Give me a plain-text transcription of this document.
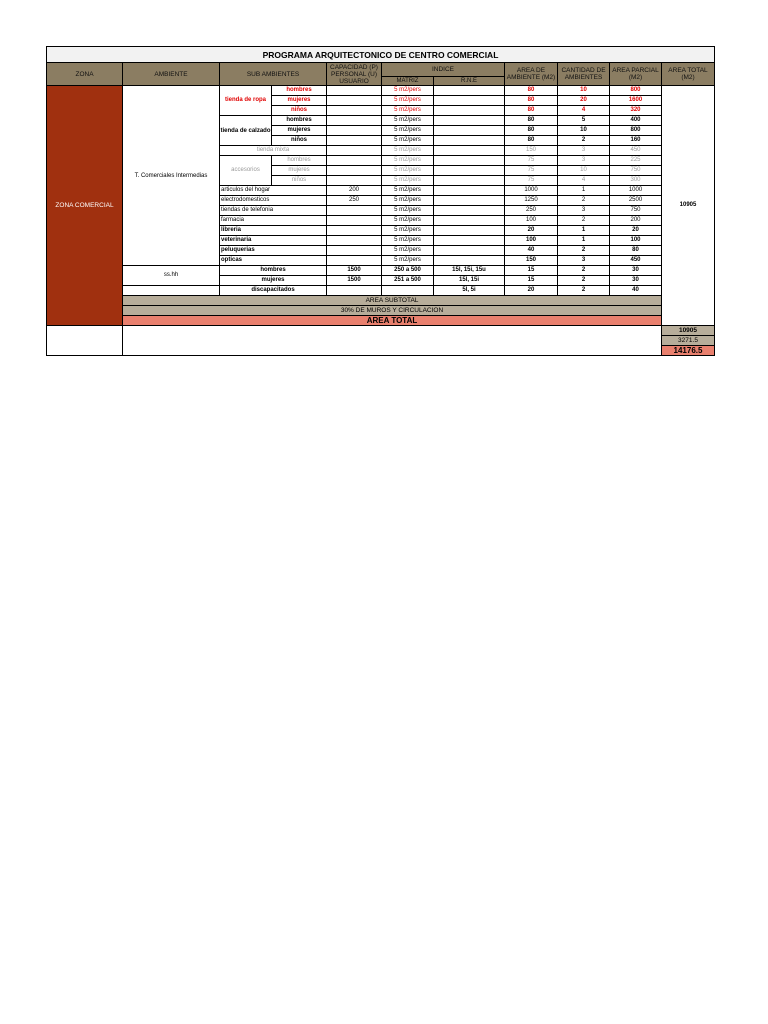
PROGRAMA ARQUITECTONICO DE CENTRO COMERCIAL										
ZONA	AMBIENTE	SUB AMBIENTES		CAPACIDAD (P) PERSONAL (U) USUARIO	INDICE		AREA DE AMBIENTE (M2)	CANTIDAD DE AMBIENTES	AREA PARCIAL (M2)	AREA TOTAL (M2)
					MATRIZ	R.N.E				
ZONA COMERCIAL	T. Comerciales Intermedias	tienda de ropa	hombres		5 m2/pers		80	10	800	10905
			mujeres		5 m2/pers		80	20	1600	
			niños		5 m2/pers		80	4	320	
		tienda de calzado	hombres		5 m2/pers		80	5	400	
			mujeres		5 m2/pers		80	10	800	
			niños		5 m2/pers		80	2	160	
		tienda mixta			5 m2/pers		150	3	450	
		accesorios	hombres		5 m2/pers		75	3	225	
			mujeres		5 m2/pers		75	10	750	
			niños		5 m2/pers		75	4	300	
		articulos del hogar		200	5 m2/pers		1000	1	1000	
		electrodomesticos		250	5 m2/pers		1250	2	2500	
		tiendas de telefonia			5 m2/pers		250	3	750	
		farmacia			5 m2/pers		100	2	200	
		libreria			5 m2/pers		20	1	20	
		veterinaria			5 m2/pers		100	1	100	
		peluquerias			5 m2/pers		40	2	80	
		opticas			5 m2/pers		150	3	450	
	ss.hh	hombres		1500	250 a 500	15l, 15i, 15u	15	2	30	
		mujeres		1500	251 a 500	15l, 15i	15	2	30	
		discapacitados				5l, 5i	20	2	40	
	AREA SUBTOTAL									
	30% DE MUROS Y CIRCULACION									
	AREA TOTAL									
										10905
										3271.5
										14176.5
